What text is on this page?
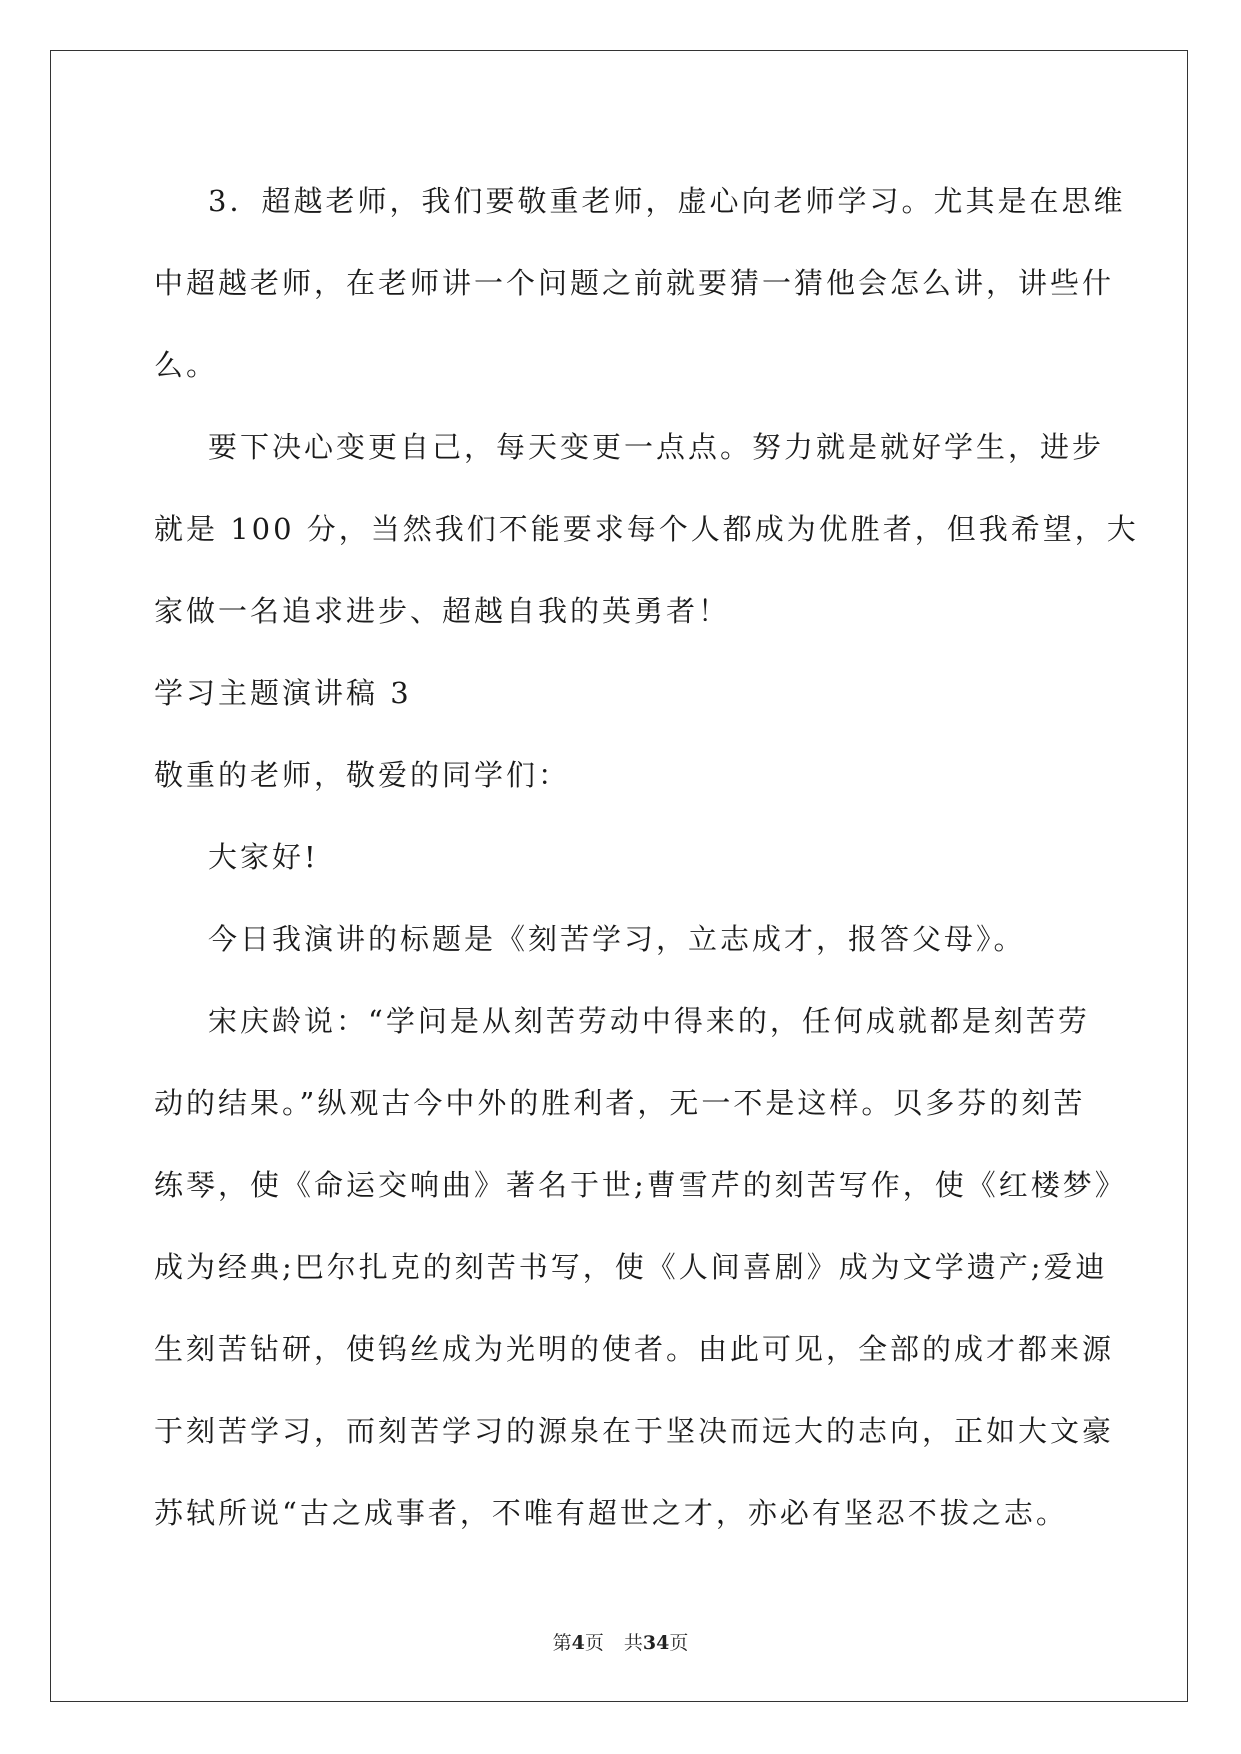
3．超越老师，我们要敬重老师，虚心向老师学习。尤其是在思维
中超越老师，在老师讲一个问题之前就要猜一猜他会怎么讲，讲些什
么。

要下决心变更自己，每天变更一点点。努力就是就好学生，进步
就是 100 分，当然我们不能要求每个人都成为优胜者，但我希望，大
家做一名追求进步、超越自我的英勇者！

学习主题演讲稿 3

敬重的老师，敬爱的同学们：

大家好!

今日我演讲的标题是《刻苦学习，立志成才，报答父母》。

宋庆龄说：“学问是从刻苦劳动中得来的，任何成就都是刻苦劳
动的结果。”纵观古今中外的胜利者，无一不是这样。贝多芬的刻苦
练琴，使《命运交响曲》著名于世;曹雪芹的刻苦写作，使《红楼梦》
成为经典;巴尔扎克的刻苦书写，使《人间喜剧》成为文学遗产;爱迪
生刻苦钻研，使钨丝成为光明的使者。由此可见，全部的成才都来源
于刻苦学习，而刻苦学习的源泉在于坚决而远大的志向，正如大文豪
苏轼所说“古之成事者，不唯有超世之才，亦必有坚忍不拔之志。

第4页 共34页
